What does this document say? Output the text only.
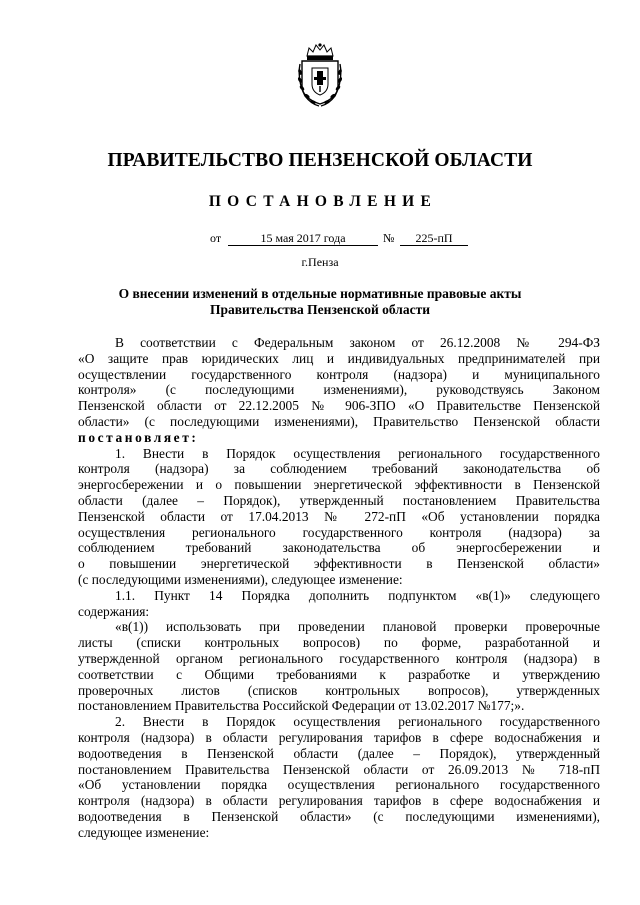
ПРАВИТЕЛЬСТВО ПЕНЗЕНСКОЙ ОБЛАСТИ
ПОСТАНОВЛЕНИЕ
от	15 мая 2017 года	№	225-пП
г.Пенза
О внесении изменений в отдельные нормативные правовые акты
Правительства Пензенской области
В соответствии с Федеральным законом от 26.12.2008 № 294-ФЗ
«О защите прав юридических лиц и индивидуальных предпринимателей при
осуществлении государственного контроля (надзора) и муниципального
контроля» (с последующими изменениями), руководствуясь Законом
Пензенской области от 22.12.2005 № 906-ЗПО «О Правительстве Пензенской
области» (с последующими изменениями), Правительство Пензенской области
постановляет:
1. Внести в Порядок осуществления регионального государственного
контроля (надзора) за соблюдением требований законодательства об
энергосбережении и о повышении энергетической эффективности в Пензенской
области (далее – Порядок), утвержденный постановлением Правительства
Пензенской области от 17.04.2013 № 272-пП «Об установлении порядка
осуществления регионального государственного контроля (надзора) за
соблюдением требований законодательства об энергосбережении и
о повышении энергетической эффективности в Пензенской области»
(с последующими изменениями), следующее изменение:
1.1. Пункт 14 Порядка дополнить подпунктом «в(1)» следующего
содержания:
«в(1)) использовать при проведении плановой проверки проверочные
листы (списки контрольных вопросов) по форме, разработанной и
утвержденной органом регионального государственного контроля (надзора) в
соответствии с Общими требованиями к разработке и утверждению
проверочных листов (списков контрольных вопросов), утвержденных
постановлением Правительства Российской Федерации от 13.02.2017 №177;».
2. Внести в Порядок осуществления регионального государственного
контроля (надзора) в области регулирования тарифов в сфере водоснабжения и
водоотведения в Пензенской области (далее – Порядок), утвержденный
постановлением Правительства Пензенской области от 26.09.2013 № 718-пП
«Об установлении порядка осуществления регионального государственного
контроля (надзора) в области регулирования тарифов в сфере водоснабжения и
водоотведения в Пензенской области» (с последующими изменениями),
следующее изменение:
